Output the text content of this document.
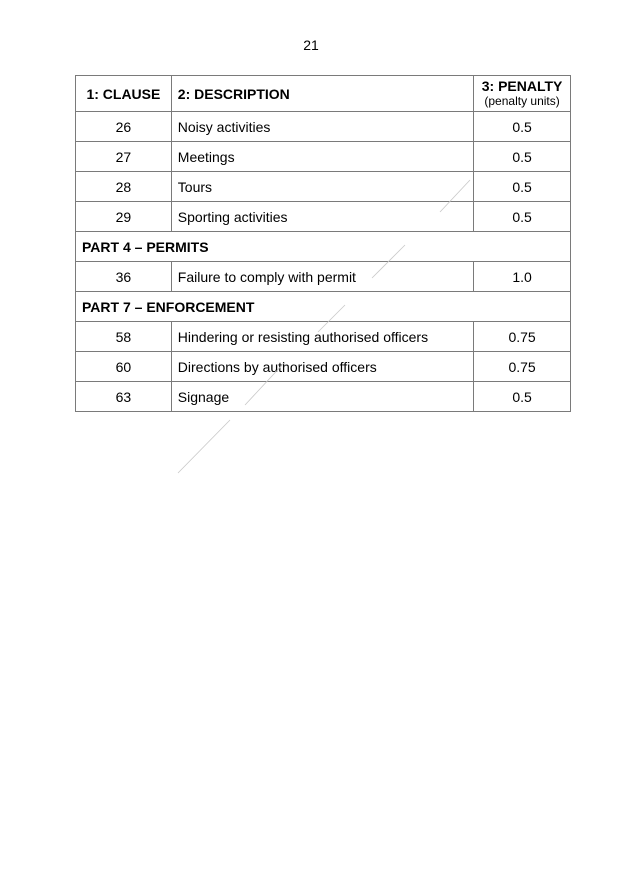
21
1: CLAUSE	2: DESCRIPTION	3: PENALTY
(penalty units)

26	Noisy activities	0.5
27	Meetings	0.5
28	Tours	0.5
29	Sporting activities	0.5
PART 4 – PERMITS		
36	Failure to comply with permit	1.0
PART 7 – ENFORCEMENT		
58	Hindering or resisting authorised officers	0.75
60	Directions by authorised officers	0.75
63	Signage	0.5
